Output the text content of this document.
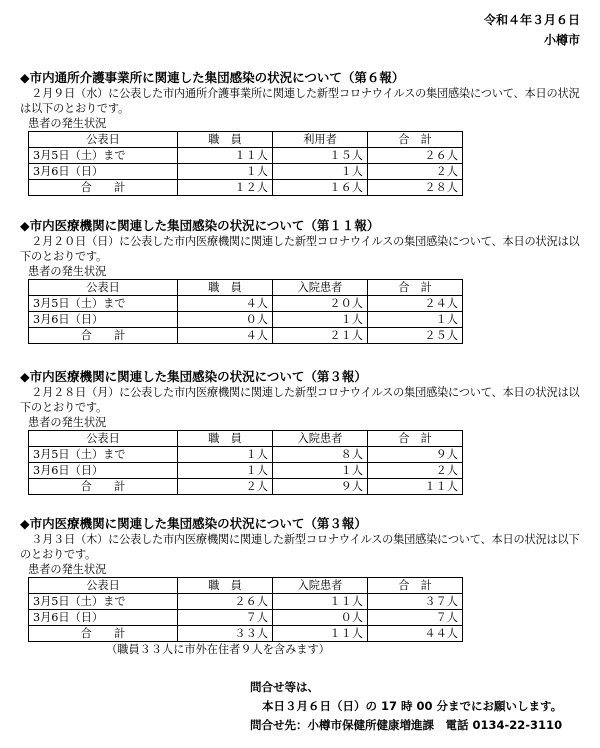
令和４年３月６日
小樽市
◆市内通所介護事業所に関連した集団感染の状況について（第６報）
２月９日（水）に公表した市内通所介護事業所に関連した新型コロナウイルスの集団感染について、本日の状況は以下のとおりです。
患者の発生状況
公表日	職　員	利用者	合　計
3月5日（土）まで	１１人	１５人	２６人
3月6日（日）	１人	１人	２人
合　　計	１２人	１６人	２８人
◆市内医療機関に関連した集団感染の状況について（第１１報）
２月２０日（日）に公表した市内医療機関に関連した新型コロナウイルスの集団感染について、本日の状況は以下のとおりです。
患者の発生状況
公表日	職　員	入院患者	合　計
3月5日（土）まで	４人	２０人	２４人
3月6日（日）	０人	１人	１人
合　　計	４人	２１人	２５人
◆市内医療機関に関連した集団感染の状況について（第３報）
２月２８日（月）に公表した市内医療機関に関連した新型コロナウイルスの集団感染について、本日の状況は以下のとおりです。
患者の発生状況
公表日	職　員	入院患者	合　計
3月5日（土）まで	１人	８人	９人
3月6日（日）	１人	１人	２人
合　　計	２人	９人	１１人
◆市内医療機関に関連した集団感染の状況について（第３報）
３月３日（木）に公表した市内医療機関に関連した新型コロナウイルスの集団感染について、本日の状況は以下のとおりです。
患者の発生状況
公表日	職　員	入院患者	合　計
3月5日（土）まで	２６人	１１人	３７人
3月6日（日）	７人	０人	７人
合　　計	３３人	１１人	４４人
（職員３３人に市外在住者９人を含みます）
問合せ等は、
本日３月６日（日）の 17 時 00 分までにお願いします。
問合せ先：小樽市保健所健康増進課　電話 0134-22-3110
